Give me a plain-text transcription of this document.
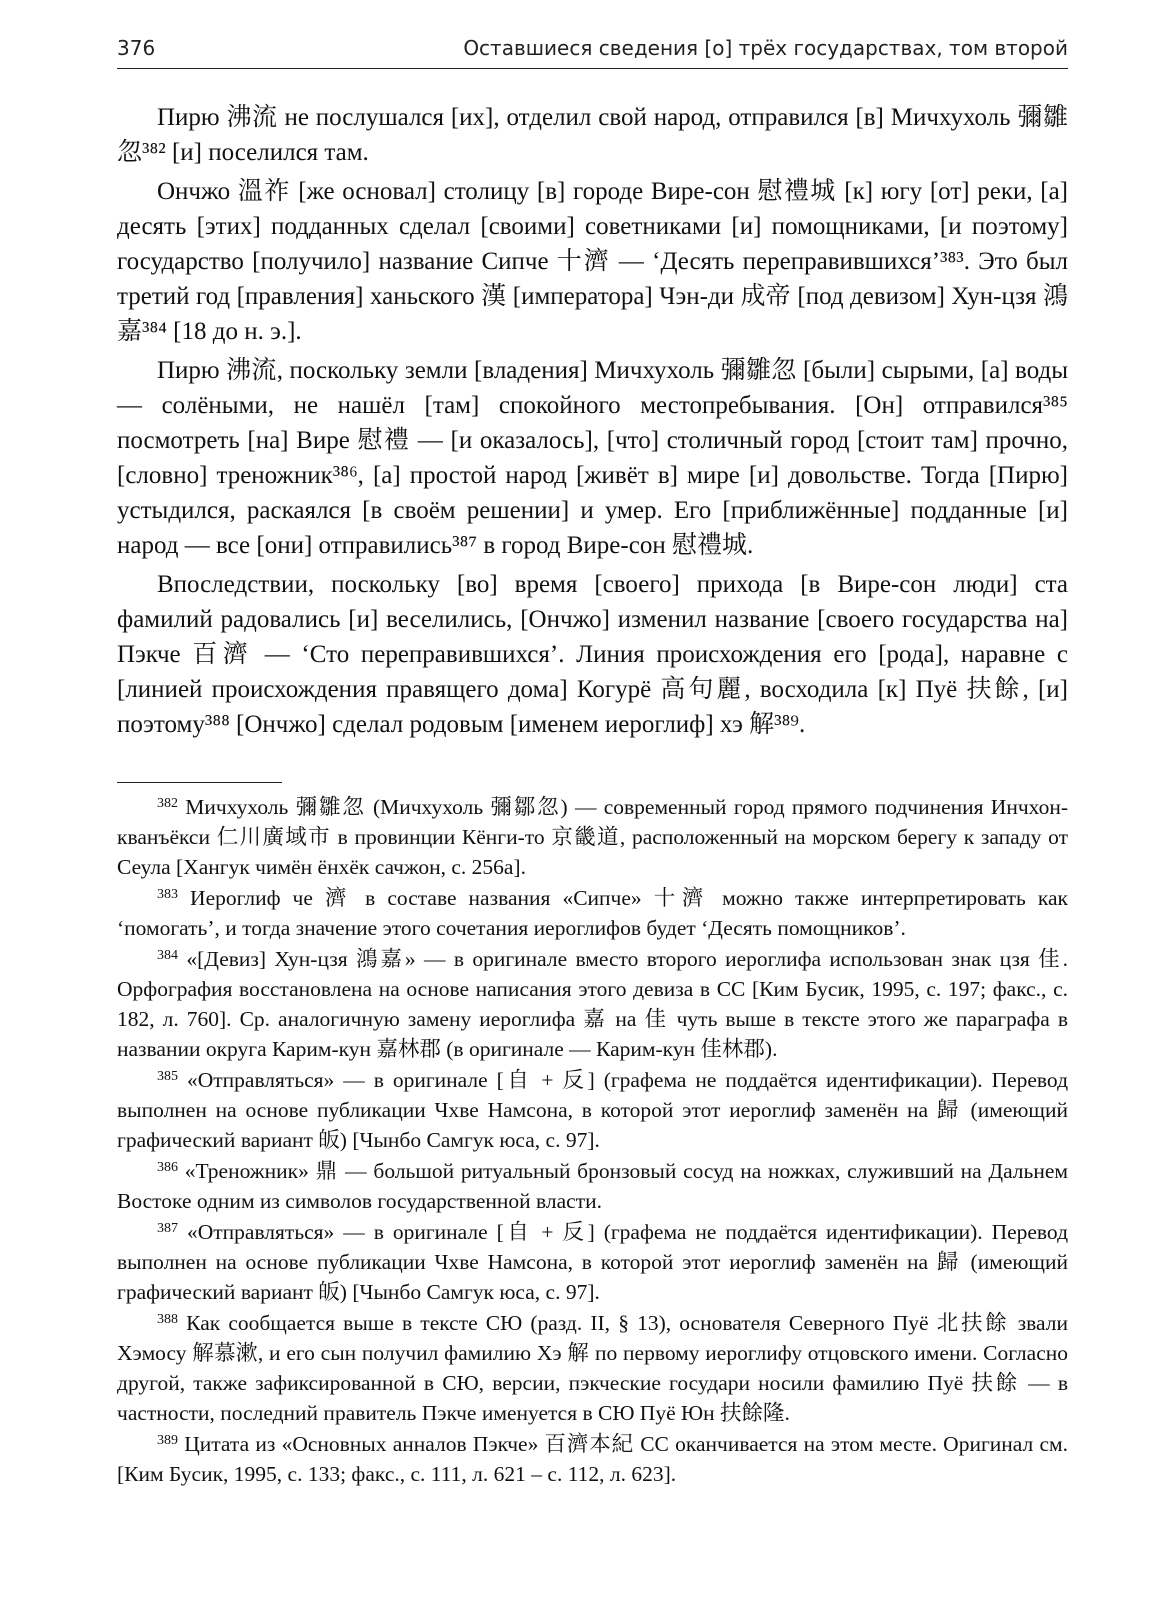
376	Оставшиеся сведения [о] трёх государствах, том второй

Пирю 沸流 не послушался [их], отделил свой народ, отправился [в] Мичхухоль 彌雛忽³⁸² [и] поселился там.

Ончжо 溫祚 [же основал] столицу [в] городе Вире-сон 慰禮城 [к] югу [от] реки, [а] десять [этих] подданных сделал [своими] советниками [и] помощниками, [и поэтому] государство [получило] название Сипче 十濟 — ‘Десять переправившихся’³⁸³. Это был третий год [правления] ханьского 漢 [императора] Чэн-ди 成帝 [под девизом] Хун-цзя 鴻嘉³⁸⁴ [18 до н. э.].

Пирю 沸流, поскольку земли [владения] Мичхухоль 彌雛忽 [были] сырыми, [а] воды — солёными, не нашёл [там] спокойного местопребывания. [Он] отправился³⁸⁵ посмотреть [на] Вире 慰禮 — [и оказалось], [что] столичный город [стоит там] прочно, [словно] треножник³⁸⁶, [а] простой народ [живёт в] мире [и] довольстве. Тогда [Пирю] устыдился, раскаялся [в своём решении] и умер. Его [приближённые] подданные [и] народ — все [они] отправились³⁸⁷ в город Вире-сон 慰禮城.

Впоследствии, поскольку [во] время [своего] прихода [в Вире-сон люди] ста фамилий радовались [и] веселились, [Ончжо] изменил название [своего государства на] Пэкче 百濟 — ‘Сто переправившихся’. Линия происхождения его [рода], наравне с [линией происхождения правящего дома] Когурё 高句麗, восходила [к] Пуё 扶餘, [и] поэтому³⁸⁸ [Ончжо] сделал родовым [именем иероглиф] хэ 解³⁸⁹.

$^{382}$ Мичхухоль 彌雛忽 (Мичхухоль 彌鄒忽) — современный город прямого подчинения Инчхон-кванъёкси 仁川廣域市 в провинции Кёнги-то 京畿道, расположенный на морском берегу к западу от Сеула [Хангук чимён ёнхёк сачжон, с. 256а].

$^{383}$ Иероглиф че 濟 в составе названия «Сипче» 十濟 можно также интерпретировать как ‘помогать’, и тогда значение этого сочетания иероглифов будет ‘Десять помощников’.

$^{384}$ «[Девиз] Хун-цзя 鴻嘉» — в оригинале вместо второго иероглифа использован знак цзя 佳. Орфография восстановлена на основе написания этого девиза в СС [Ким Бусик, 1995, с. 197; факс., с. 182, л. 760]. Ср. аналогичную замену иероглифа 嘉 на 佳 чуть выше в тексте этого же параграфа в названии округа Карим-кун 嘉林郡 (в оригинале — Карим-кун 佳林郡).

$^{385}$ «Отправляться» — в оригинале [自 + 反] (графема не поддаётся идентификации). Перевод выполнен на основе публикации Чхве Намсона, в которой этот иероглиф заменён на 歸 (имеющий графический вариант 皈) [Чынбо Самгук юса, с. 97].

$^{386}$ «Треножник» 鼎 — большой ритуальный бронзовый сосуд на ножках, служивший на Дальнем Востоке одним из символов государственной власти.

$^{387}$ «Отправляться» — в оригинале [自 + 反] (графема не поддаётся идентификации). Перевод выполнен на основе публикации Чхве Намсона, в которой этот иероглиф заменён на 歸 (имеющий графический вариант 皈) [Чынбо Самгук юса, с. 97].

$^{388}$ Как сообщается выше в тексте СЮ (разд. II, § 13), основателя Северного Пуё 北扶餘 звали Хэмосу 解慕漱, и его сын получил фамилию Хэ 解 по первому иероглифу отцовского имени. Согласно другой, также зафиксированной в СЮ, версии, пэкческие государи носили фамилию Пуё 扶餘 — в частности, последний правитель Пэкче именуется в СЮ Пуё Юн 扶餘隆.

$^{389}$ Цитата из «Основных анналов Пэкче» 百濟本紀 СС оканчивается на этом месте. Оригинал см. [Ким Бусик, 1995, с. 133; факс., с. 111, л. 621 – с. 112, л. 623].
